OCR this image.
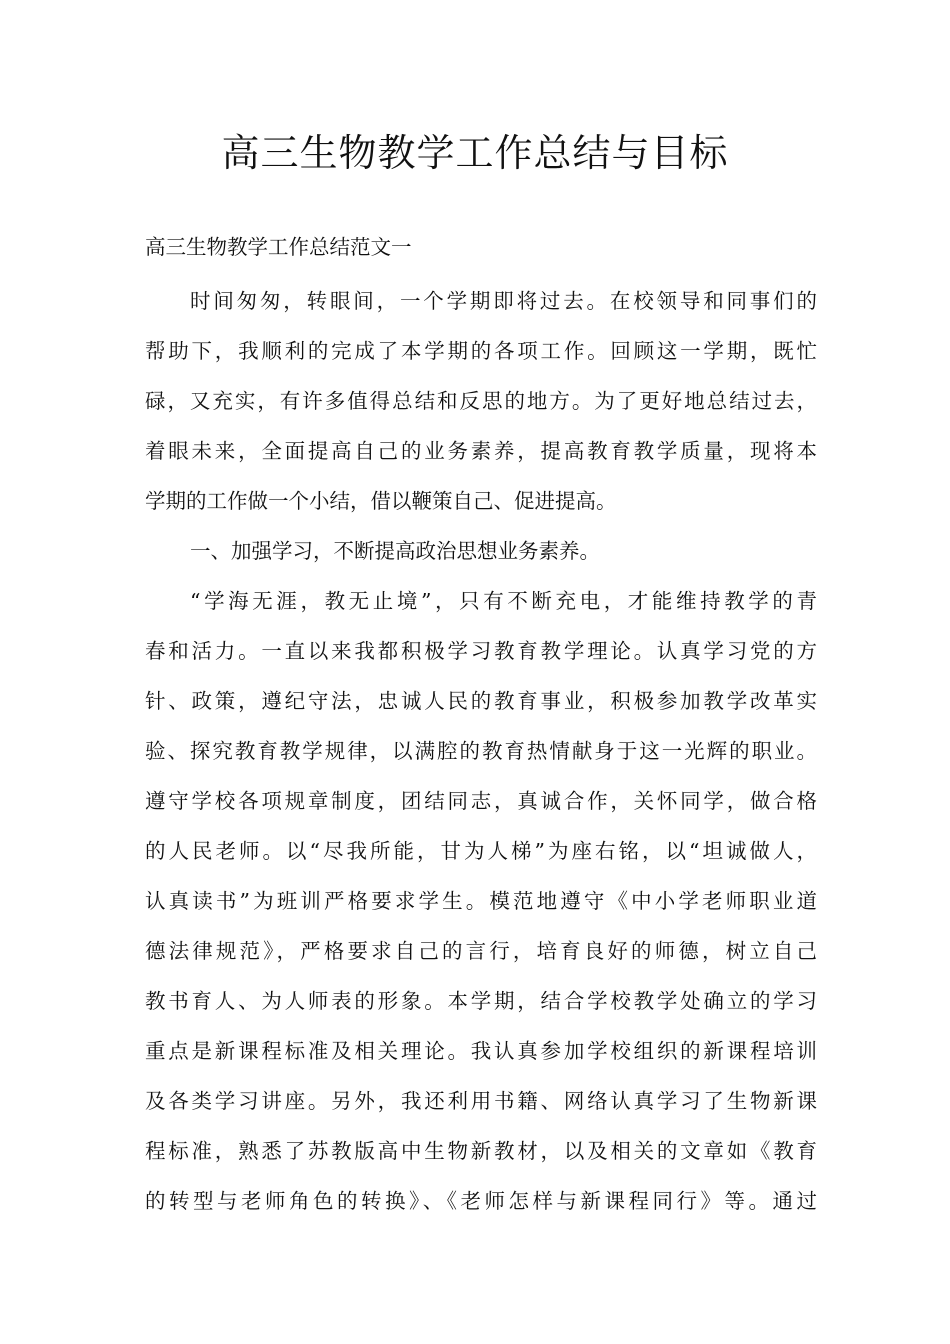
高三生物教学工作总结与目标

高三生物教学工作总结范文一

时间匆匆，转眼间，一个学期即将过去。在校领导和同事们的

帮助下，我顺利的完成了本学期的各项工作。回顾这一学期，既忙

碌，又充实，有许多值得总结和反思的地方。为了更好地总结过去，

着眼未来，全面提高自己的业务素养，提高教育教学质量，现将本

学期的工作做一个小结，借以鞭策自己、促进提高。

一、加强学习，不断提高政治思想业务素养。

“学海无涯，教无止境”，只有不断充电，才能维持教学的青

春和活力。一直以来我都积极学习教育教学理论。认真学习党的方

针、政策，遵纪守法，忠诚人民的教育事业，积极参加教学改革实

验、探究教育教学规律，以满腔的教育热情献身于这一光辉的职业。

遵守学校各项规章制度，团结同志，真诚合作，关怀同学，做合格

的人民老师。以“尽我所能，甘为人梯”为座右铭，以“坦诚做人，

认真读书”为班训严格要求学生。模范地遵守《中小学老师职业道

德法律规范》，严格要求自己的言行，培育良好的师德，树立自己

教书育人、为人师表的形象。本学期，结合学校教学处确立的学习

重点是新课程标准及相关理论。我认真参加学校组织的新课程培训

及各类学习讲座。另外，我还利用书籍、网络认真学习了生物新课

程标准，熟悉了苏教版高中生物新教材，以及相关的文章如《教育

的转型与老师角色的转换》、《老师怎样与新课程同行》等。通过
